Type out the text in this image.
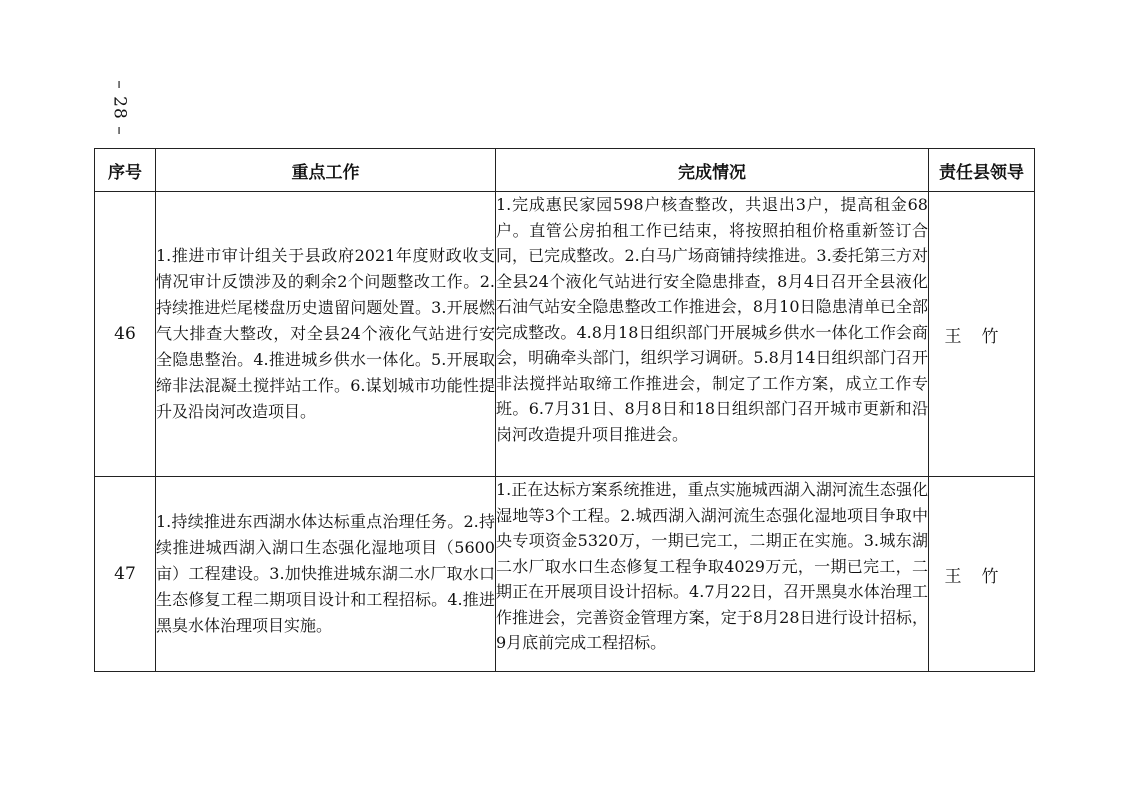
– 28 –
序号	重点工作	完成情况	责任县领导
46	1.推进市审计组关于县政府2021年度财政收支情况审计反馈涉及的剩余2个问题整改工作。2.持续推进烂尾楼盘历史遗留问题处置。3.开展燃气大排查大整改，对全县24个液化气站进行安全隐患整治。4.推进城乡供水一体化。5.开展取缔非法混凝土搅拌站工作。6.谋划城市功能性提升及沿岗河改造项目。	1.完成惠民家园598户核查整改，共退出3户，提高租金68户。直管公房拍租工作已结束，将按照拍租价格重新签订合同，已完成整改。2.白马广场商铺持续推进。3.委托第三方对全县24个液化气站进行安全隐患排查，8月4日召开全县液化石油气站安全隐患整改工作推进会，8月10日隐患清单已全部完成整改。4.8月18日组织部门开展城乡供水一体化工作会商会，明确牵头部门，组织学习调研。5.8月14日组织部门召开非法搅拌站取缔工作推进会，制定了工作方案，成立工作专班。6.7月31日、8月8日和18日组织部门召开城市更新和沿岗河改造提升项目推进会。	王竹
47	1.持续推进东西湖水体达标重点治理任务。2.持续推进城西湖入湖口生态强化湿地项目（5600亩）工程建设。3.加快推进城东湖二水厂取水口生态修复工程二期项目设计和工程招标。4.推进黑臭水体治理项目实施。	1.正在达标方案系统推进，重点实施城西湖入湖河流生态强化湿地等3个工程。2.城西湖入湖河流生态强化湿地项目争取中央专项资金5320万，一期已完工，二期正在实施。3.城东湖二水厂取水口生态修复工程争取4029万元，一期已完工，二期正在开展项目设计招标。4.7月22日，召开黑臭水体治理工作推进会，完善资金管理方案，定于8月28日进行设计招标，9月底前完成工程招标。	王竹
